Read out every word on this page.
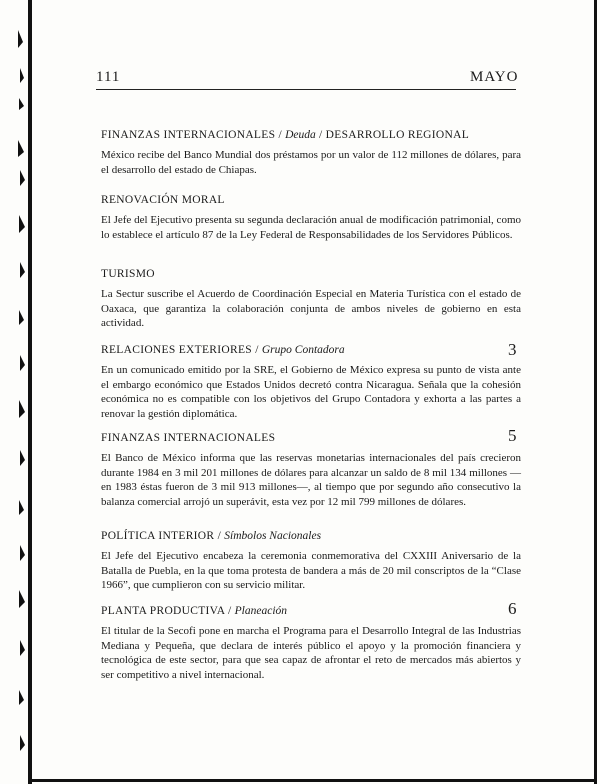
111	MAYO
FINANZAS INTERNACIONALES / Deuda / DESARROLLO REGIONAL
México recibe del Banco Mundial dos préstamos por un valor de 112 millones de dólares, para el desarrollo del estado de Chiapas.
RENOVACIÓN MORAL
El Jefe del Ejecutivo presenta su segunda declaración anual de modificación patrimonial, como lo establece el artículo 87 de la Ley Federal de Responsabilidades de los Servidores Públicos.
TURISMO
La Sectur suscribe el Acuerdo de Coordinación Especial en Materia Turística con el estado de Oaxaca, que garantiza la colaboración conjunta de ambos niveles de gobierno en esta actividad.
RELACIONES EXTERIORES / Grupo Contadora
En un comunicado emitido por la SRE, el Gobierno de México expresa su punto de vista ante el embargo económico que Estados Unidos decretó contra Nicaragua. Señala que la cohesión económica no es compatible con los objetivos del Grupo Contadora y exhorta a las partes a renovar la gestión diplomática.
FINANZAS INTERNACIONALES
El Banco de México informa que las reservas monetarias internacionales del país crecieron durante 1984 en 3 mil 201 millones de dólares para alcanzar un saldo de 8 mil 134 millones —en 1983 éstas fueron de 3 mil 913 millones—, al tiempo que por segundo año consecutivo la balanza comercial arrojó un superávit, esta vez por 12 mil 799 millones de dólares.
POLÍTICA INTERIOR / Símbolos Nacionales
El Jefe del Ejecutivo encabeza la ceremonia conmemorativa del CXXIII Aniversario de la Batalla de Puebla, en la que toma protesta de bandera a más de 20 mil conscriptos de la “Clase 1966”, que cumplieron con su servicio militar.
PLANTA PRODUCTIVA / Planeación
El titular de la Secofi pone en marcha el Programa para el Desarrollo Integral de las Industrias Mediana y Pequeña, que declara de interés público el apoyo y la promoción financiera y tecnológica de este sector, para que sea capaz de afrontar el reto de mercados más abiertos y ser competitivo a nivel internacional.
3
5
6
